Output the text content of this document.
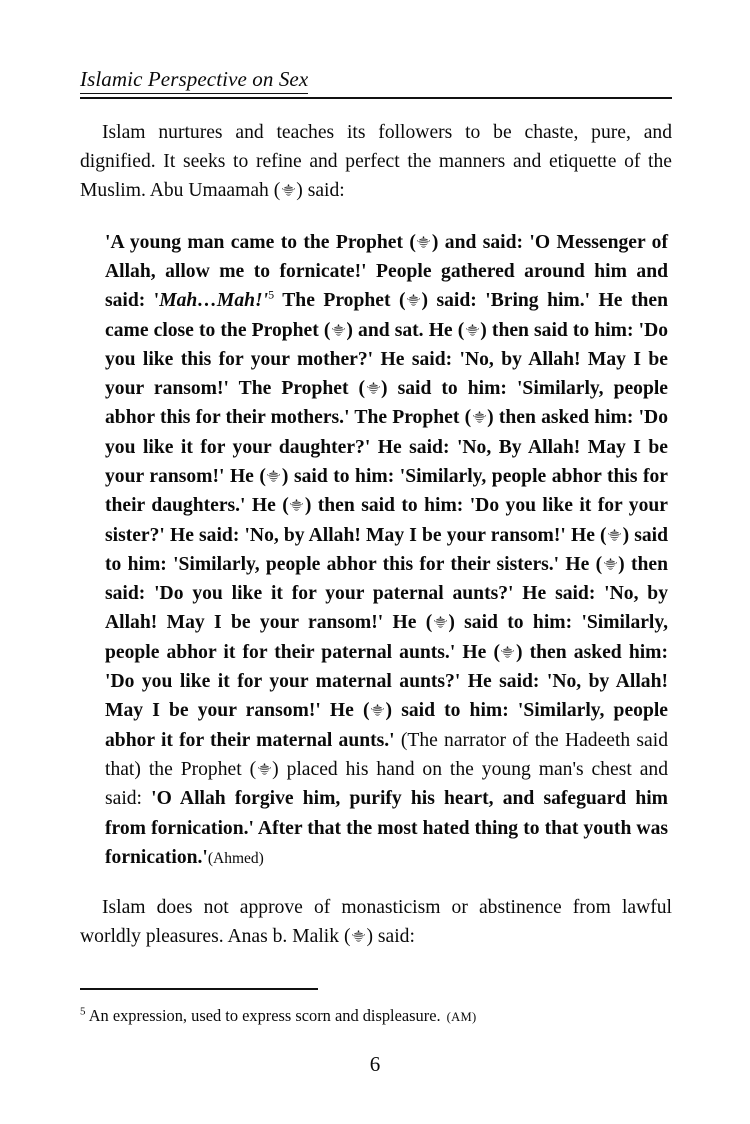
Islamic Perspective on Sex

Islam nurtures and teaches its followers to be chaste, pure, and dignified. It seeks to refine and perfect the manners and etiquette of the Muslim. Abu Umaamah ( ) said:

'A young man came to the Prophet ( ) and said: 'O Messenger of Allah, allow me to fornicate!' People gathered around him and said: 'Mah…Mah!'$^5$ The Prophet ( ) said: 'Bring him.' He then came close to the Prophet ( ) and sat. He ( ) then said to him: 'Do you like this for your mother?' He said: 'No, by Allah! May I be your ransom!' The Prophet ( ) said to him: 'Similarly, people abhor this for their mothers.' The Prophet ( ) then asked him: 'Do you like it for your daughter?' He said: 'No, By Allah! May I be your ransom!' He ( ) said to him: 'Similarly, people abhor this for their daughters.' He ( ) then said to him: 'Do you like it for your sister?' He said: 'No, by Allah! May I be your ransom!' He ( ) said to him: 'Similarly, people abhor this for their sisters.' He ( ) then said: 'Do you like it for your paternal aunts?' He said: 'No, by Allah! May I be your ransom!' He ( ) said to him: 'Similarly, people abhor it for their paternal aunts.' He ( ) then asked him: 'Do you like it for your maternal aunts?' He said: 'No, by Allah! May I be your ransom!' He ( ) said to him: 'Similarly, people abhor it for their maternal aunts.' (The narrator of the Hadeeth said that) the Prophet ( ) placed his hand on the young man's chest and said: 'O Allah forgive him, purify his heart, and safeguard him from fornication.' After that the most hated thing to that youth was fornication.'(Ahmed)

Islam does not approve of monasticism or abstinence from lawful worldly pleasures. Anas b. Malik ( ) said:

$^5$ An expression, used to express scorn and displeasure. (AM)

6
